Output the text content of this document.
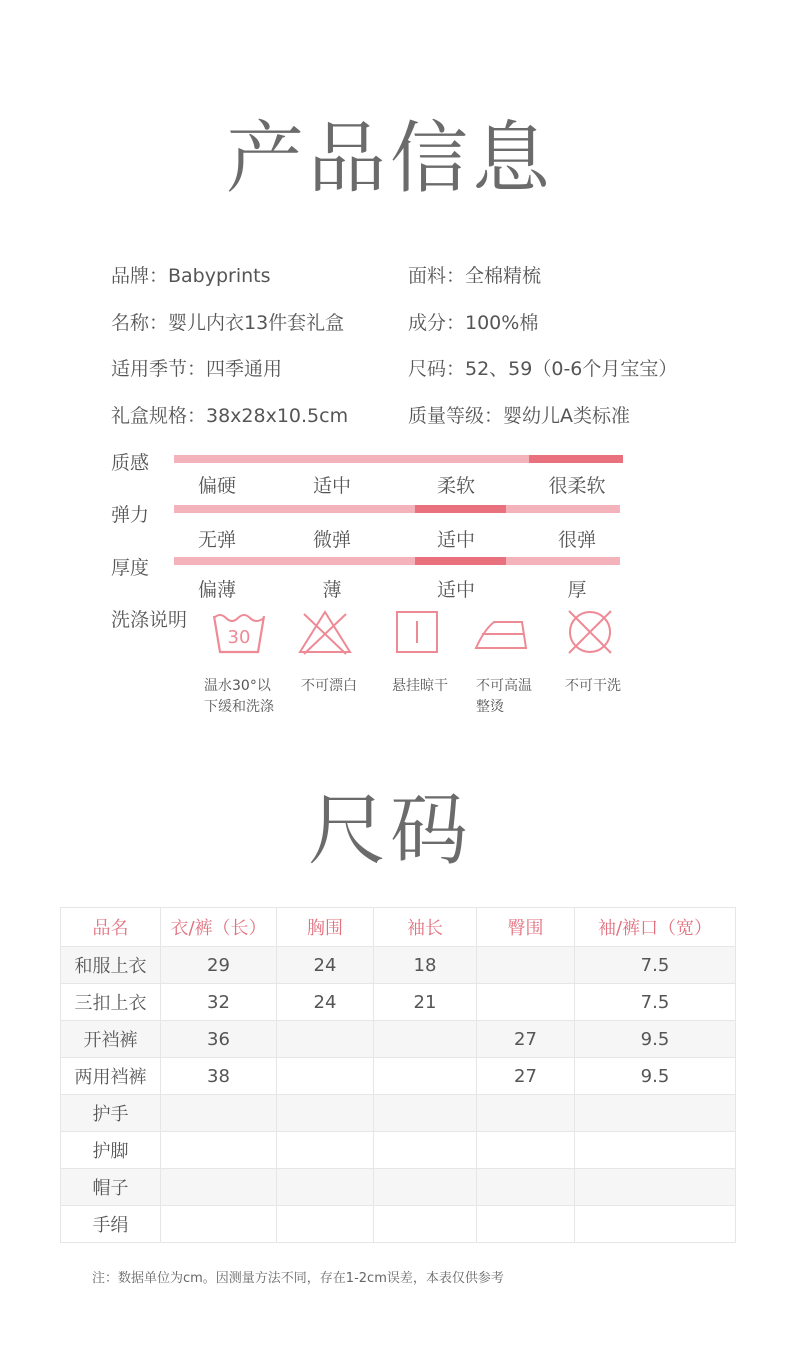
产品信息
品牌：Babyprints	面料：全棉精梳
名称：婴儿内衣13件套礼盒	成分：100%棉
适用季节：四季通用	尺码：52、59（0-6个月宝宝）
礼盒规格：38x28x10.5cm	质量等级：婴幼儿A类标准
质感
偏硬	适中	柔软	很柔软
弹力
无弹	微弹	适中	很弹
厚度
偏薄	薄	适中	厚
洗涤说明
30
温水30°以
下缓和洗涤
不可漂白	悬挂晾干	不可高温
整烫
不可干洗
尺码
品名	衣/裤（长）	胸围	袖长	臀围	袖/裤口（宽）
和服上衣	29	24	18		7.5
三扣上衣	32	24	21		7.5
开裆裤	36			27	9.5
两用裆裤	38			27	9.5
护手					
护脚					
帽子					
手绢					
注：数据单位为cm。因测量方法不同，存在1-2cm误差，本表仅供参考
